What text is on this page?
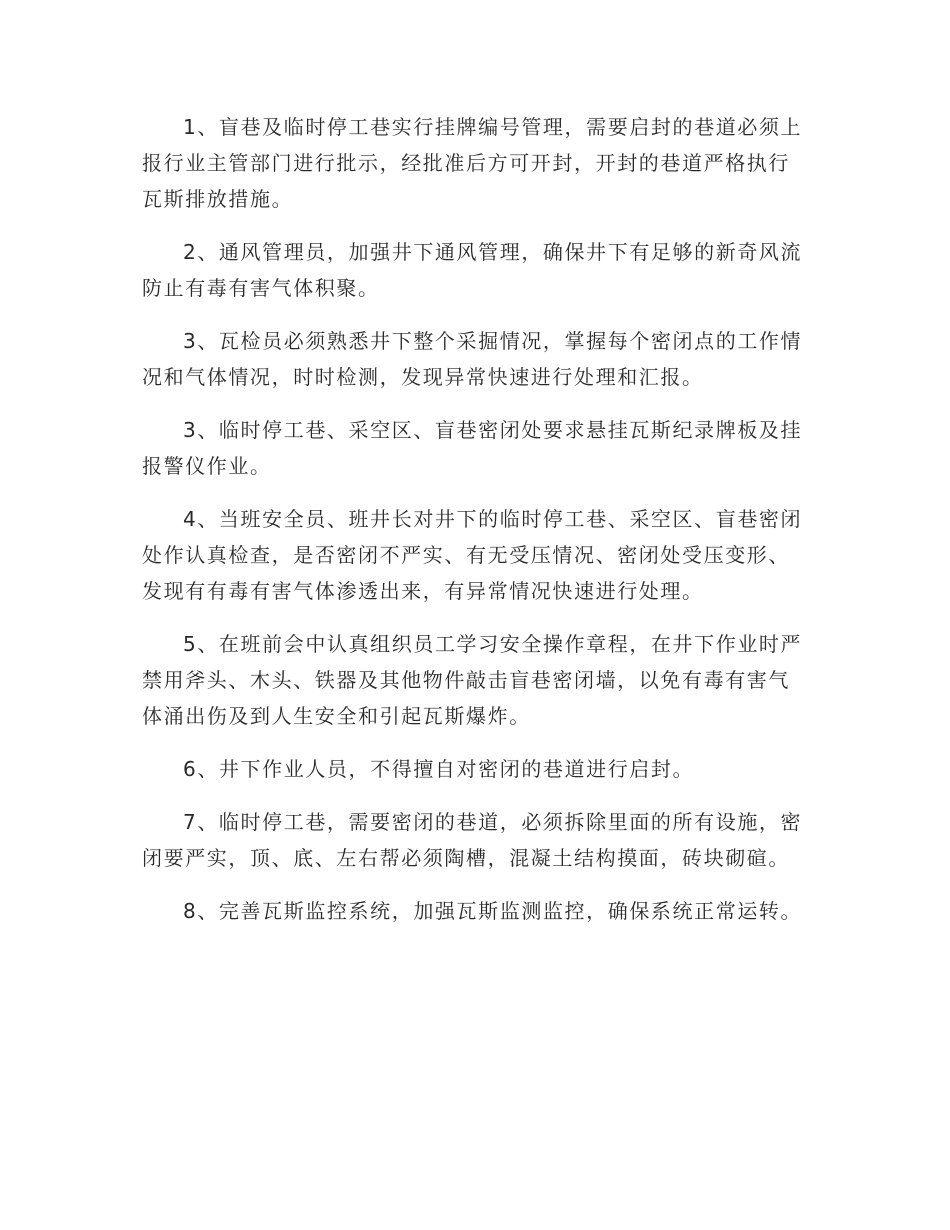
1、盲巷及临时停工巷实行挂牌编号管理，需要启封的巷道必须上报行业主管部门进行批示，经批准后方可开封，开封的巷道严格执行瓦斯排放措施。

2、通风管理员，加强井下通风管理，确保井下有足够的新奇风流防止有毒有害气体积聚。

3、瓦检员必须熟悉井下整个采掘情况，掌握每个密闭点的工作情况和气体情况，时时检测，发现异常快速进行处理和汇报。

3、临时停工巷、采空区、盲巷密闭处要求悬挂瓦斯纪录牌板及挂报警仪作业。

4、当班安全员、班井长对井下的临时停工巷、采空区、盲巷密闭处作认真检查，是否密闭不严实、有无受压情况、密闭处受压变形、发现有有毒有害气体渗透出来，有异常情况快速进行处理。

5、在班前会中认真组织员工学习安全操作章程，在井下作业时严禁用斧头、木头、铁器及其他物件敲击盲巷密闭墙，以免有毒有害气体涌出伤及到人生安全和引起瓦斯爆炸。

6、井下作业人员，不得擅自对密闭的巷道进行启封。

7、临时停工巷，需要密闭的巷道，必须拆除里面的所有设施，密闭要严实，顶、底、左右帮必须陶槽，混凝土结构摸面，砖块砌碹。

8、完善瓦斯监控系统，加强瓦斯监测监控，确保系统正常运转。
